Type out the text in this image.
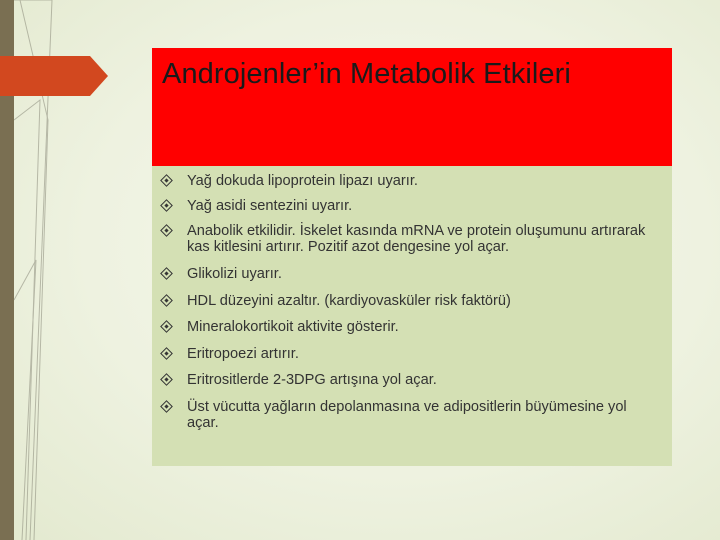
Androjenler’in Metabolik Etkileri
Yağ dokuda lipoprotein lipazı uyarır.
Yağ asidi sentezini uyarır.
Anabolik etkilidir. İskelet kasında mRNA ve protein oluşumunu artırarak kas kitlesini artırır. Pozitif azot dengesine yol açar.
Glikolizi uyarır.
HDL düzeyini azaltır. (kardiyovasküler risk faktörü)
Mineralokortikoit aktivite gösterir.
Eritropoezi artırır.
Eritrositlerde 2-3DPG artışına yol açar.
Üst vücutta yağların depolanmasına ve adipositlerin büyümesine yol açar.
